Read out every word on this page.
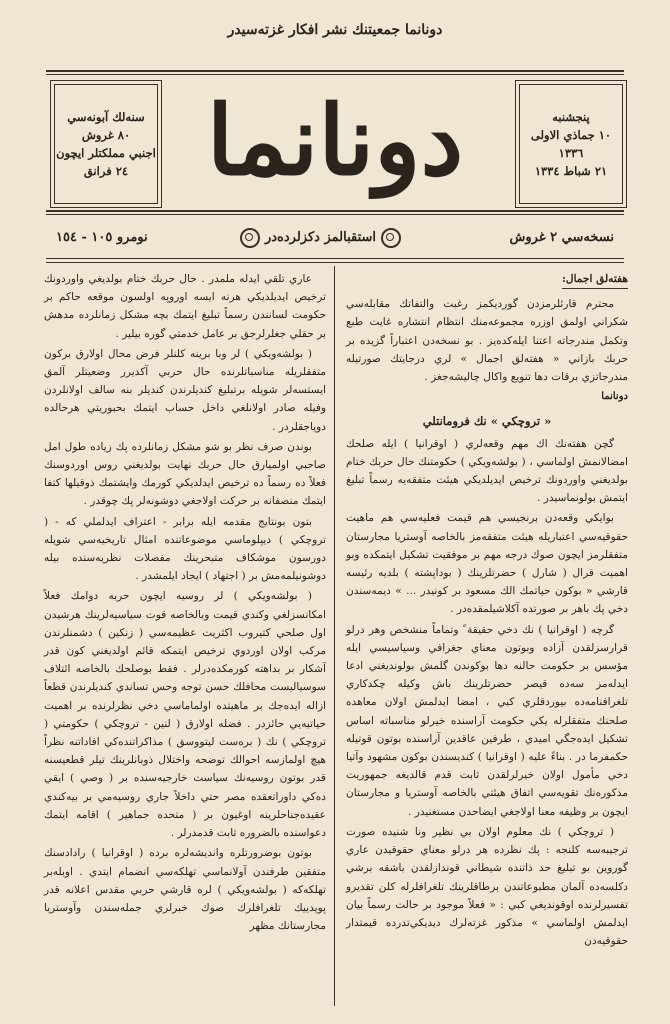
دونانما جمعيتنك نشر افكار غزته‌سيدر
سنه‌لك آبونه‌سي
٨٠ غروش
اجنبي مملكتلر ايچون
٢٤ فرانق دونانما	پنجشنبه
١٠ جماذي الاولى ١٣٣٦
٢١ شباط ١٣٣٤
نسخه‌سي ٢ غروش
استقبالمز دكزلرده‌در
نومرو ١٠٥ - ١٥٤
هفته‌لق اجمال:

محترم قارئلرمزدن گورديكمز رغبت والتفاتك مقابله‌سي شكراني اولمق اوزره مجموعه‌منك انتظام انتشاره غايت طبع وتكمل مندرجاته اعتنا ايله‌كده‌يز . بو نسخه‌دن اعتباراً گزيده بر حربك بازاني « هفته‌لق اجمال » لري درجايتك صورتيله مندرجاتزي برقات دها تنويع واكال چاليشه‌جغز .

دونانما
« تروچكي » نك فرومانتلي

گچن هفته‌نك اك مهم وقعه‌لري ( اوقرانيا ) ايله صلحك امضالانمش اولماسي ، ( بولشه‌ويكي ) حكومتنك حال حربك ختام بولديغني واوردونك ترخيص ايديلديكي هيئت متفقه‌يه رسماً تبليغ ايتمش بولونماسيدر .

بوايكي وقعه‌دن برنجيسي هم قيمت فعليه‌سي هم ماهيت حقوقيه‌سي اعتباريله هيئت متفقه‌مز بالخاصه آوستريا مجارستان متفقلرمز ايچون صوك درجه مهم بر موفقيت تشكيل ايتمكده وبو اهميت قرال ( شارل ) حضرتلرينك ( بوداپشته ) بلديه رئيسه قارشي « بوكون حياتمك الك مسعود بر كونيدر ... » ديمه‌سندن دخي پك باهر بر صورتده آكلاشيلمقده‌در .

گرچه ( اوقرانيا ) نك دخي حقيقة ً وتماماً منشخص وهر درلو قرارسزلقدن آزاده وبوتون معناي جغرافي وسياسيسي ايله مؤسس بر حكومت حالنه دها بوكوندن گلمش بولونديغني ادعا ايدله‌مز سه‌ده قيصر حضرتلرينك باش وكيله چكدكاري تلغرافنامه‌ده بيوردقلري كبي ، امضا ايدلمش اولان معاهده صلحنك متفقلرله يكي حكومت آراسنده خيرلو مناسباته اساس تشكيل ايده‌جگي اميدي ، طرفين عاقدين آراسنده بوتون قوتيله حكمفرما در . بناءً عليه ( اوقرانيا ) كنديسندن بوكون مشهود وآتيا دخي مأمول اولان خيرلرلقدن ثابت قدم قالديغه جمهوريت مذكوره‌نك تقويه‌سي اتفاق هيئتي بالخاصه آوستريا و مجارستان ايچون بر وظيفه معنا اولاجغي ايضاحدن مستغنيدر .

( تروچكي ) نك معلوم اولان بي نظير ونا شنيده صورت ترجيبه‌سه كلنجه : پك نظرده هر درلو معناي حقوقيدن عاري گوروين بو تبليغ حد ذاتنده شيطاني قوندازلقدن باشقه برشي دكلسه‌ده آلمان مطبوعاتندن برطاقلرينك تلغرافلرله كلن تقديرو تفسيرلرنده اوقونديغي كبي : « فعلاً موجود بر حالت رسماً بيان ايدلمش اولماسي » مذكور غزته‌لرك ديديكي‌تدرده قيمتدار حقوقيه‌دن

عاري تلقي ايدله ملمدر . حال حربك ختام بولديغي واوردونك ترخيص ايديلديكي هرنه ايسه اوروپه اولسون موقعه حاكم بر حكومت لسانندن رسماً تبليغ ايتمك بچه مشكل زمانلرده مدهش بر حقلي جغلرلرجق بر عامل خدمتي گوره بيلير .

( بولشه‌ويكي ) لر وبا برينه كلنلر فرض محال اولارق بركون متفقلريله مناسباتلرنده حال حربي آكديرر وضعيتلر آلمق ايستسه‌لر شويله برتبليغ كنديلرندن كنديلر بنه سالف اولانلردن وفيله صادر اولانلغي داخل حساب ايتمك بحبوريتي هرحالده دوياجقلردر .

بوندن صرف نظر بو شو مشكل زمانلرده پك زياده طول امل صاحبي اولميارق حال حربك نهايت بولديغني روس اوردوسنك فعلاً ده رسماً ده ترخيص ايدلديكي كورمك وايشتمك ذوقيلها كتفا ايتمك منصفانه بر حركت اولاجغي دوشونه‌لر پك چوقدر .

بتون بونتايج مقدمه ايله برابر - اعتراف ايدلملي كه - ( تروچكي ) ديپلوماسي موضوعاتنده امثال تاريخيه‌سي شويله دورسون موشكاف متبحرينك مفصلات نظريه‌سنده بيله دوشونيلمه‌مش بر ( اجتهاد ) ايجاد ايلمشدر .

( بولشه‌ويكي ) لر روسيه ايچون حربه دوامك فعلاً امكانسزلغي وكندي قيمت وبالخاصه قوت سياسيه‌لرينك هرشيدن اول صلحي كتيروب اكثريت عظيمه‌سي ( زنكين ) دشمنلرندن مركب اولان اوردوي ترخيص ايتمكه قائم اولديغني كون قدر آشكار بر بداهته كورمكده‌درلر . فقط بوصلحك بالخاصه ائتلاف سوسياليست محافلك حسن توجه وحس تساندي كنديلرندن قطعاً ازاله ايده‌جك بر ماهيتده اولماماسي دخي نظرلرنده بر اهميت حياتيه‌يي حائزدر . فضله اولارق ( لنين - تروچكي ) حكومتي ( تروچكي ) نك ( بره‌ست ليتووسق ) مذاكراتنده‌كي افاداتنه نظراً هيچ اولمازسه احوالك توضحه واختلال ذوبانلرينك تيلر قطعيسنه قدر بوتون روسيه‌نك سياست خارجيه‌سنده بر ( وصي ) ايقي ده‌كي داوراتعقده مصر حتي داخلاً جاري روسيه‌مي بر بيه‌كندي عقيده‌جناحلرينه اوغيون بر ( متحده جماهير ) اقامه ايتمك دعواسنده بالضروره ثابت قدمدرلر .

بوتون بوضرورتلره واندیشه‌لره برده ( اوقرانيا ) رادادسنك متفقين طرفندن آولانماسي تهلكه‌سي انضمام ايتدي . اوبله‌بر تهلكه‌كه ( بولشه‌ويكي ) لره قارشي حربي مقدس اعلانه قدر پويدييك تلغرافلرك صوك خبرلري جمله‌سندن وآوستريا مجارستانك مظهر
